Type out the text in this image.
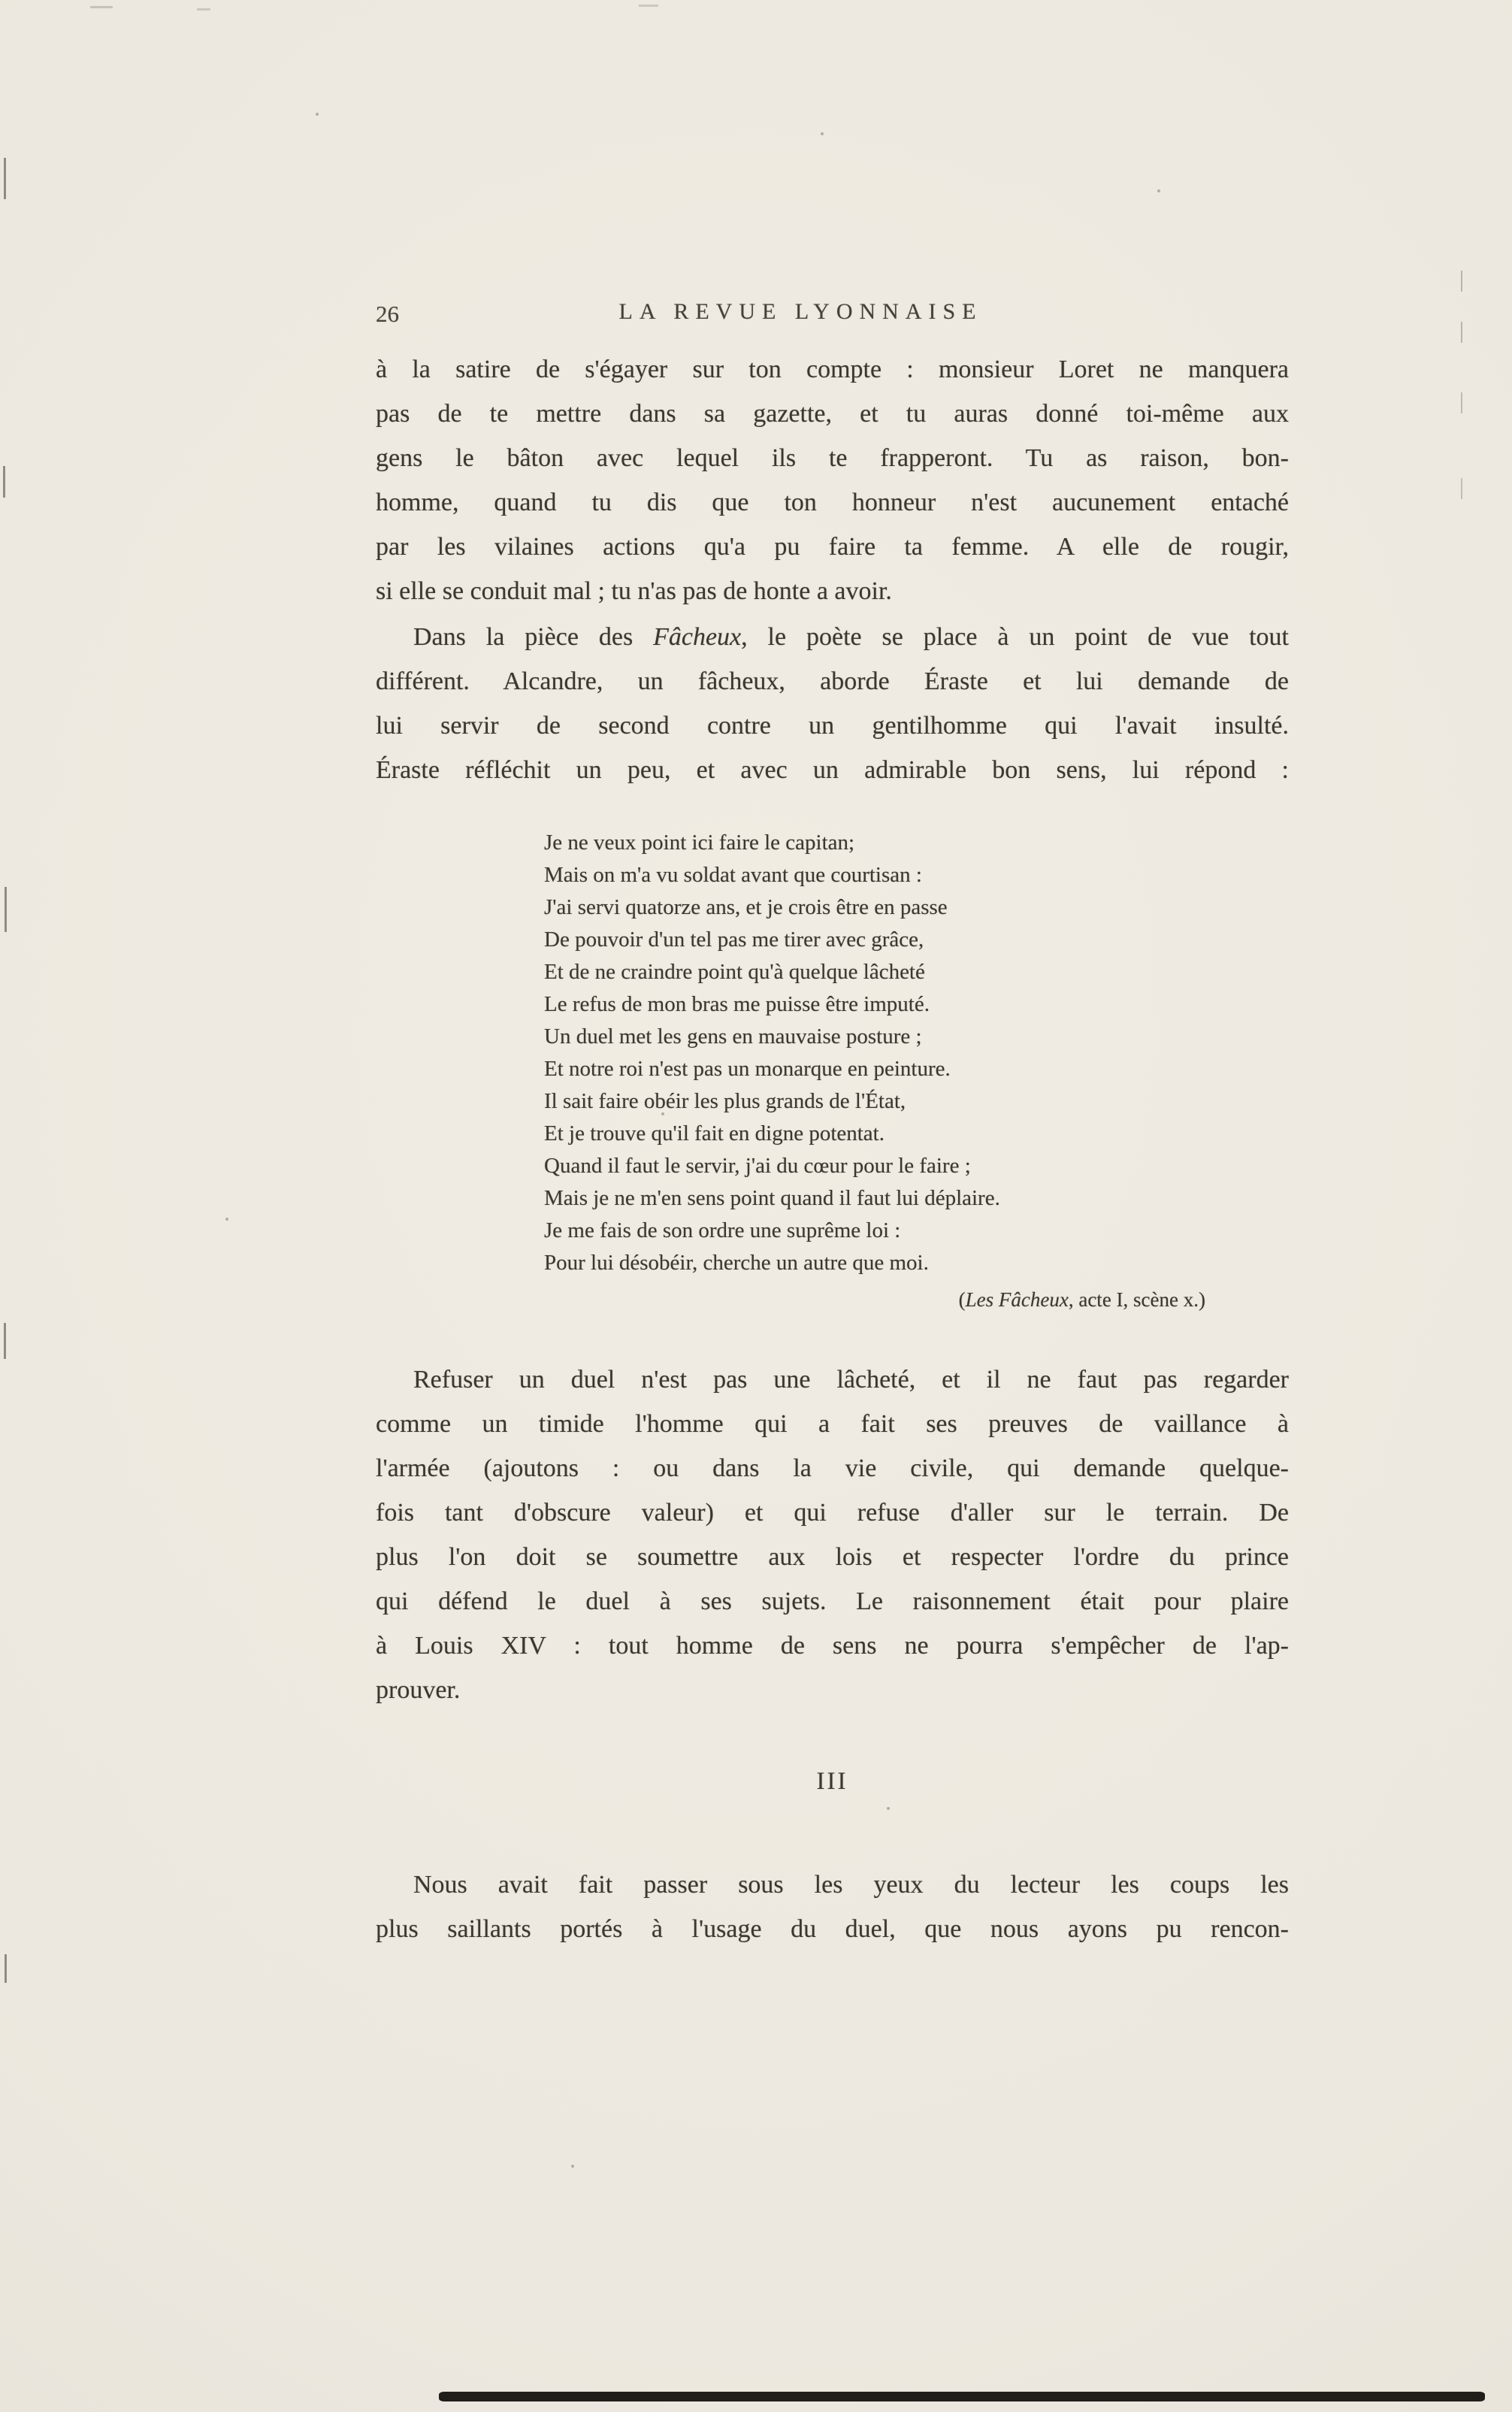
26	LA REVUE LYONNAISE
à la satire de s'égayer sur ton compte : monsieur Loret ne manquera
pas de te mettre dans sa gazette, et tu auras donné toi-même aux
gens le bâton avec lequel ils te frapperont. Tu as raison, bon-
homme, quand tu dis que ton honneur n'est aucunement entaché
par les vilaines actions qu'a pu faire ta femme. A elle de rougir,
si elle se conduit mal ; tu n'as pas de honte a avoir.
Dans la pièce des Fâcheux, le poète se place à un point de vue tout
différent. Alcandre, un fâcheux, aborde Éraste et lui demande de
lui servir de second contre un gentilhomme qui l'avait insulté.
Éraste réfléchit un peu, et avec un admirable bon sens, lui répond :
Je ne veux point ici faire le capitan;
Mais on m'a vu soldat avant que courtisan :
J'ai servi quatorze ans, et je crois être en passe
De pouvoir d'un tel pas me tirer avec grâce,
Et de ne craindre point qu'à quelque lâcheté
Le refus de mon bras me puisse être imputé.
Un duel met les gens en mauvaise posture ;
Et notre roi n'est pas un monarque en peinture.
Il sait faire obéir les plus grands de l'État,
Et je trouve qu'il fait en digne potentat.
Quand il faut le servir, j'ai du cœur pour le faire ;
Mais je ne m'en sens point quand il faut lui déplaire.
Je me fais de son ordre une suprême loi :
Pour lui désobéir, cherche un autre que moi.
(Les Fâcheux, acte I, scène x.)
Refuser un duel n'est pas une lâcheté, et il ne faut pas regarder
comme un timide l'homme qui a fait ses preuves de vaillance à
l'armée (ajoutons : ou dans la vie civile, qui demande quelque-
fois tant d'obscure valeur) et qui refuse d'aller sur le terrain. De
plus l'on doit se soumettre aux lois et respecter l'ordre du prince
qui défend le duel à ses sujets. Le raisonnement était pour plaire
à Louis XIV : tout homme de sens ne pourra s'empêcher de l'ap-
prouver.
III
Nous avait fait passer sous les yeux du lecteur les coups les
plus saillants portés à l'usage du duel, que nous ayons pu rencon-
